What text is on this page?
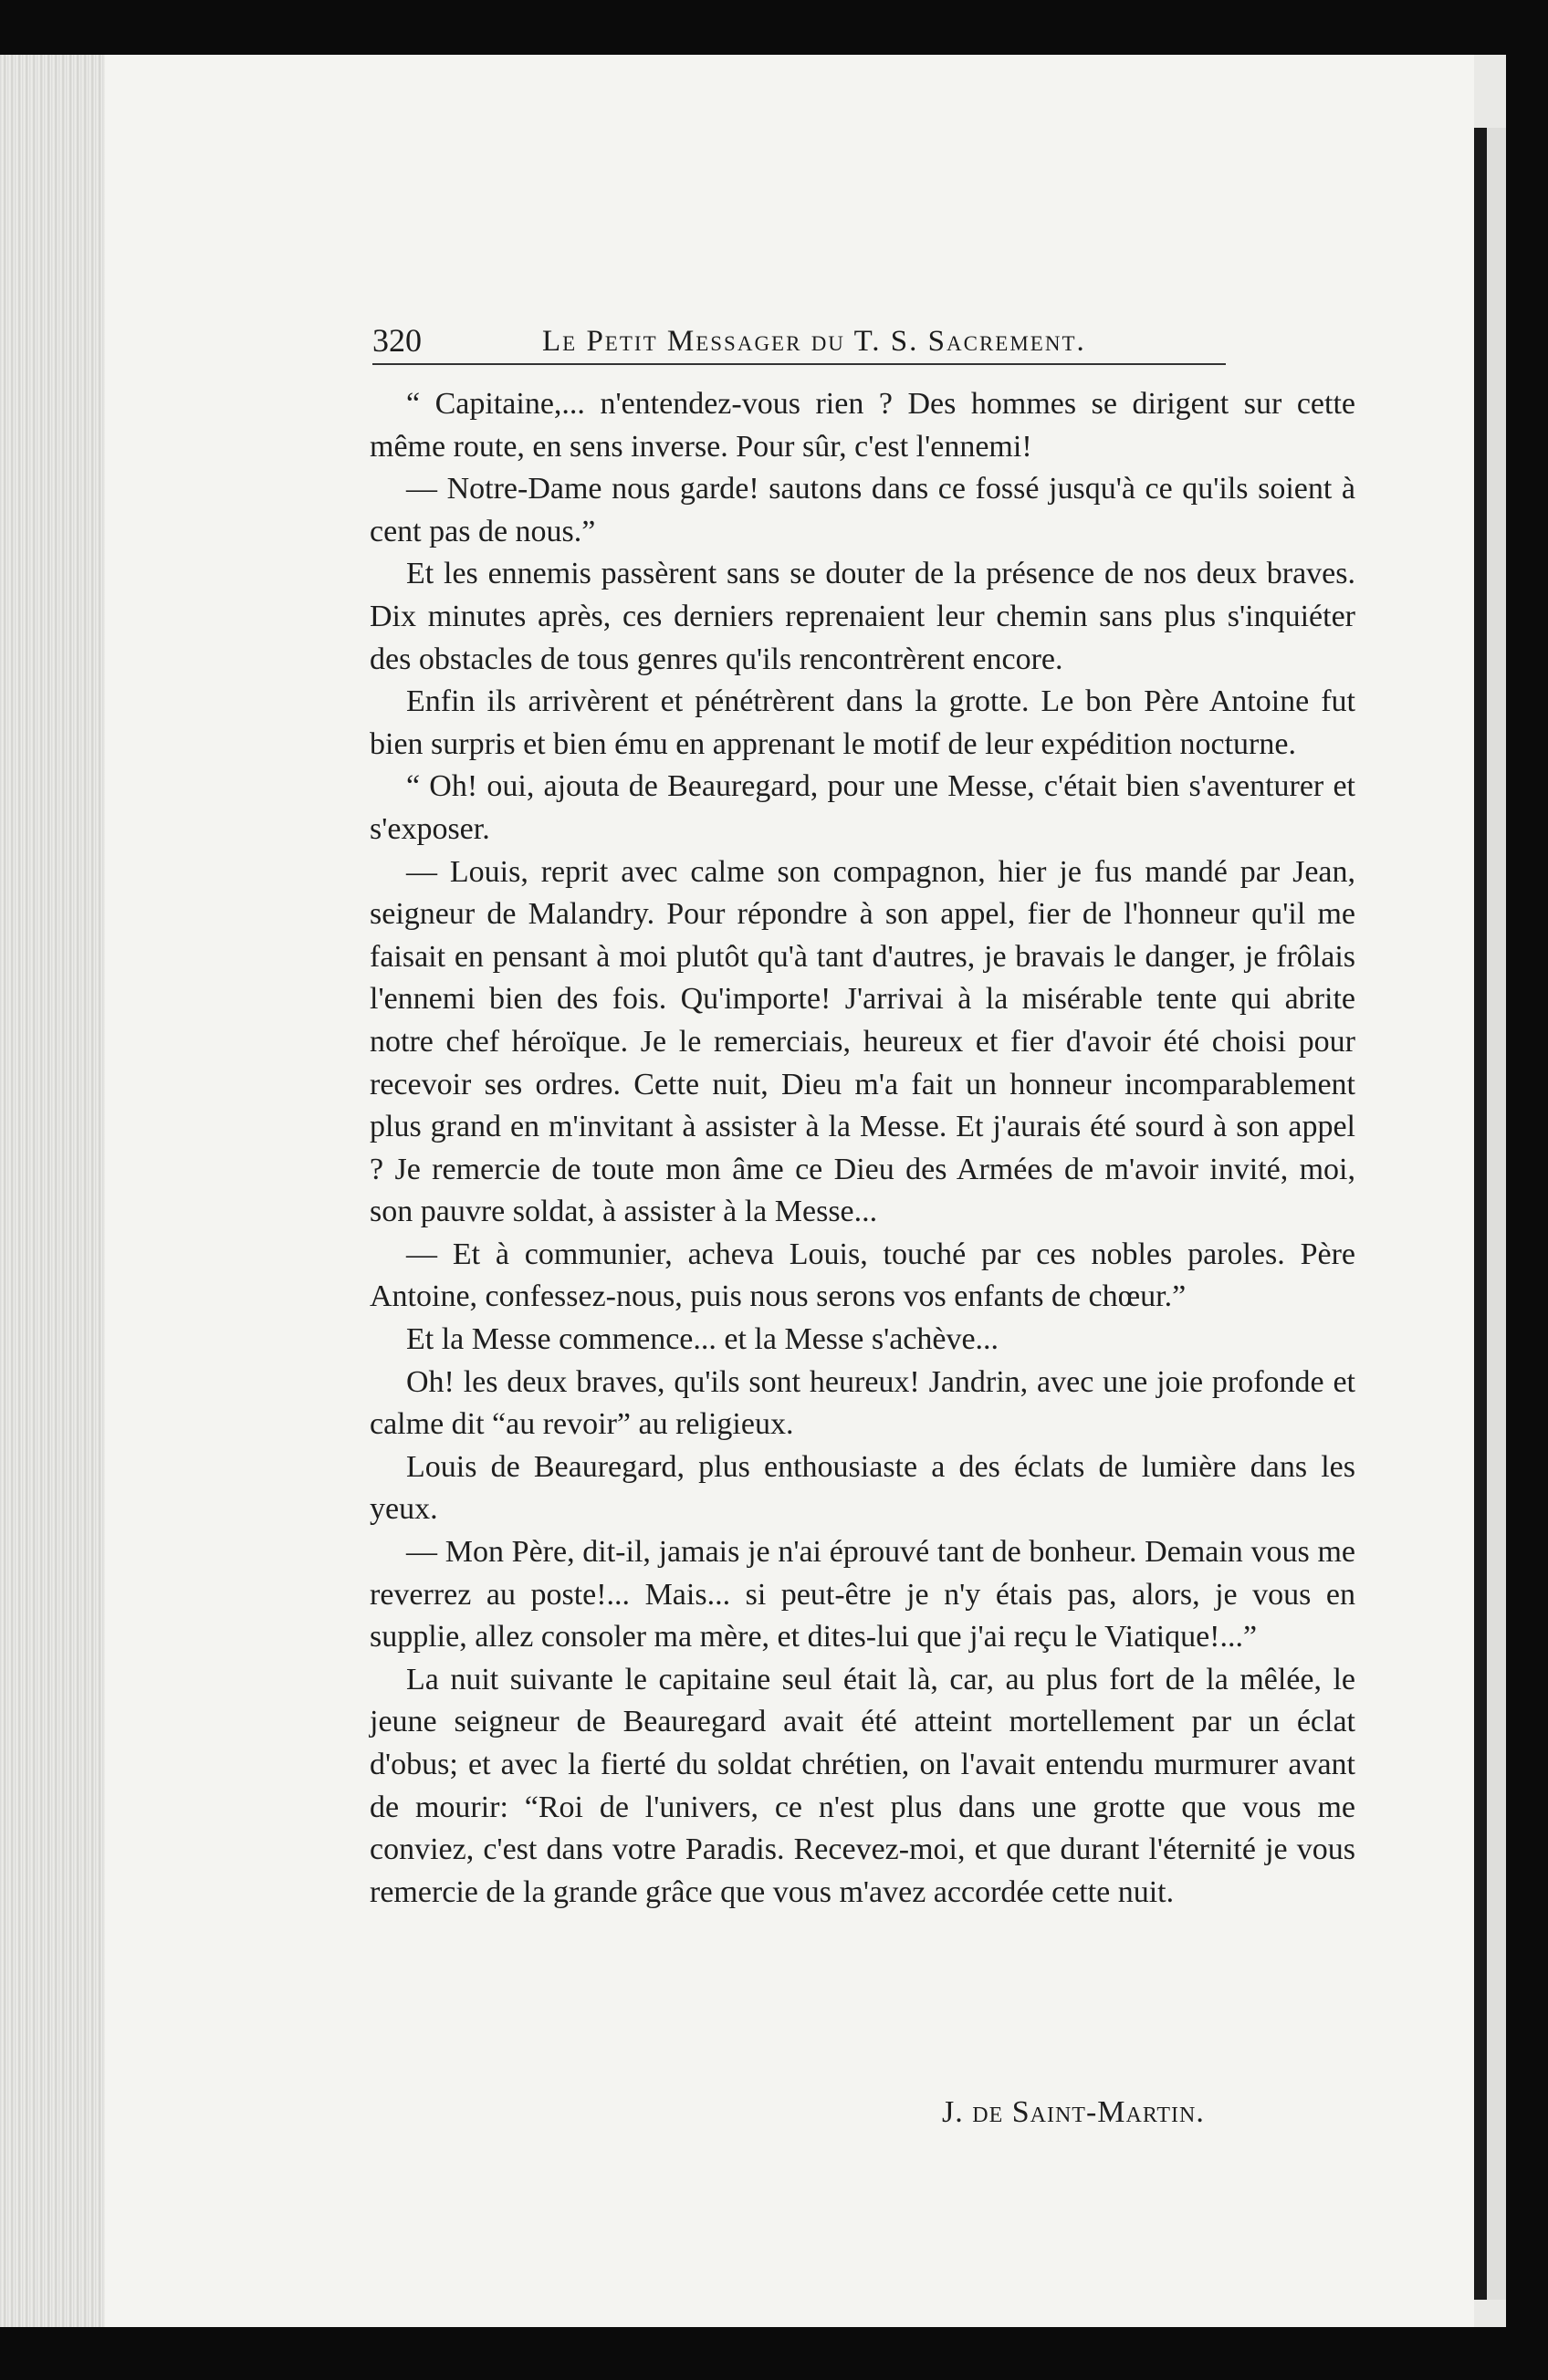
320	Le Petit Messager du T. S. Sacrement.

“ Capitaine,... n'entendez-vous rien ? Des hommes se dirigent sur cette même route, en sens inverse. Pour sûr, c'est l'ennemi!

— Notre-Dame nous garde! sautons dans ce fossé jusqu'à ce qu'ils soient à cent pas de nous.”

Et les ennemis passèrent sans se douter de la présence de nos deux braves. Dix minutes après, ces derniers reprenaient leur chemin sans plus s'inquiéter des obstacles de tous genres qu'ils rencontrèrent encore.

Enfin ils arrivèrent et pénétrèrent dans la grotte. Le bon Père Antoine fut bien surpris et bien ému en apprenant le motif de leur expédition nocturne.

“ Oh! oui, ajouta de Beauregard, pour une Messe, c'était bien s'aventurer et s'exposer.

— Louis, reprit avec calme son compagnon, hier je fus mandé par Jean, seigneur de Malandry. Pour répondre à son appel, fier de l'honneur qu'il me faisait en pensant à moi plutôt qu'à tant d'autres, je bravais le danger, je frôlais l'ennemi bien des fois. Qu'importe! J'arrivai à la misérable tente qui abrite notre chef héroïque. Je le remerciais, heureux et fier d'avoir été choisi pour recevoir ses ordres. Cette nuit, Dieu m'a fait un honneur incomparablement plus grand en m'invitant à assister à la Messe. Et j'aurais été sourd à son appel ? Je remercie de toute mon âme ce Dieu des Armées de m'avoir invité, moi, son pauvre soldat, à assister à la Messe...

— Et à communier, acheva Louis, touché par ces nobles paroles. Père Antoine, confessez-nous, puis nous serons vos enfants de chœur.”

Et la Messe commence... et la Messe s'achève...

Oh! les deux braves, qu'ils sont heureux! Jandrin, avec une joie profonde et calme dit “au revoir” au religieux.

Louis de Beauregard, plus enthousiaste a des éclats de lumière dans les yeux.

— Mon Père, dit-il, jamais je n'ai éprouvé tant de bonheur. Demain vous me reverrez au poste!... Mais... si peut-être je n'y étais pas, alors, je vous en supplie, allez consoler ma mère, et dites-lui que j'ai reçu le Viatique!...”

La nuit suivante le capitaine seul était là, car, au plus fort de la mêlée, le jeune seigneur de Beauregard avait été atteint mortellement par un éclat d'obus; et avec la fierté du soldat chrétien, on l'avait entendu murmurer avant de mourir: “Roi de l'univers, ce n'est plus dans une grotte que vous me conviez, c'est dans votre Paradis. Recevez-moi, et que durant l'éternité je vous remercie de la grande grâce que vous m'avez accordée cette nuit.

J. de Saint-Martin.
